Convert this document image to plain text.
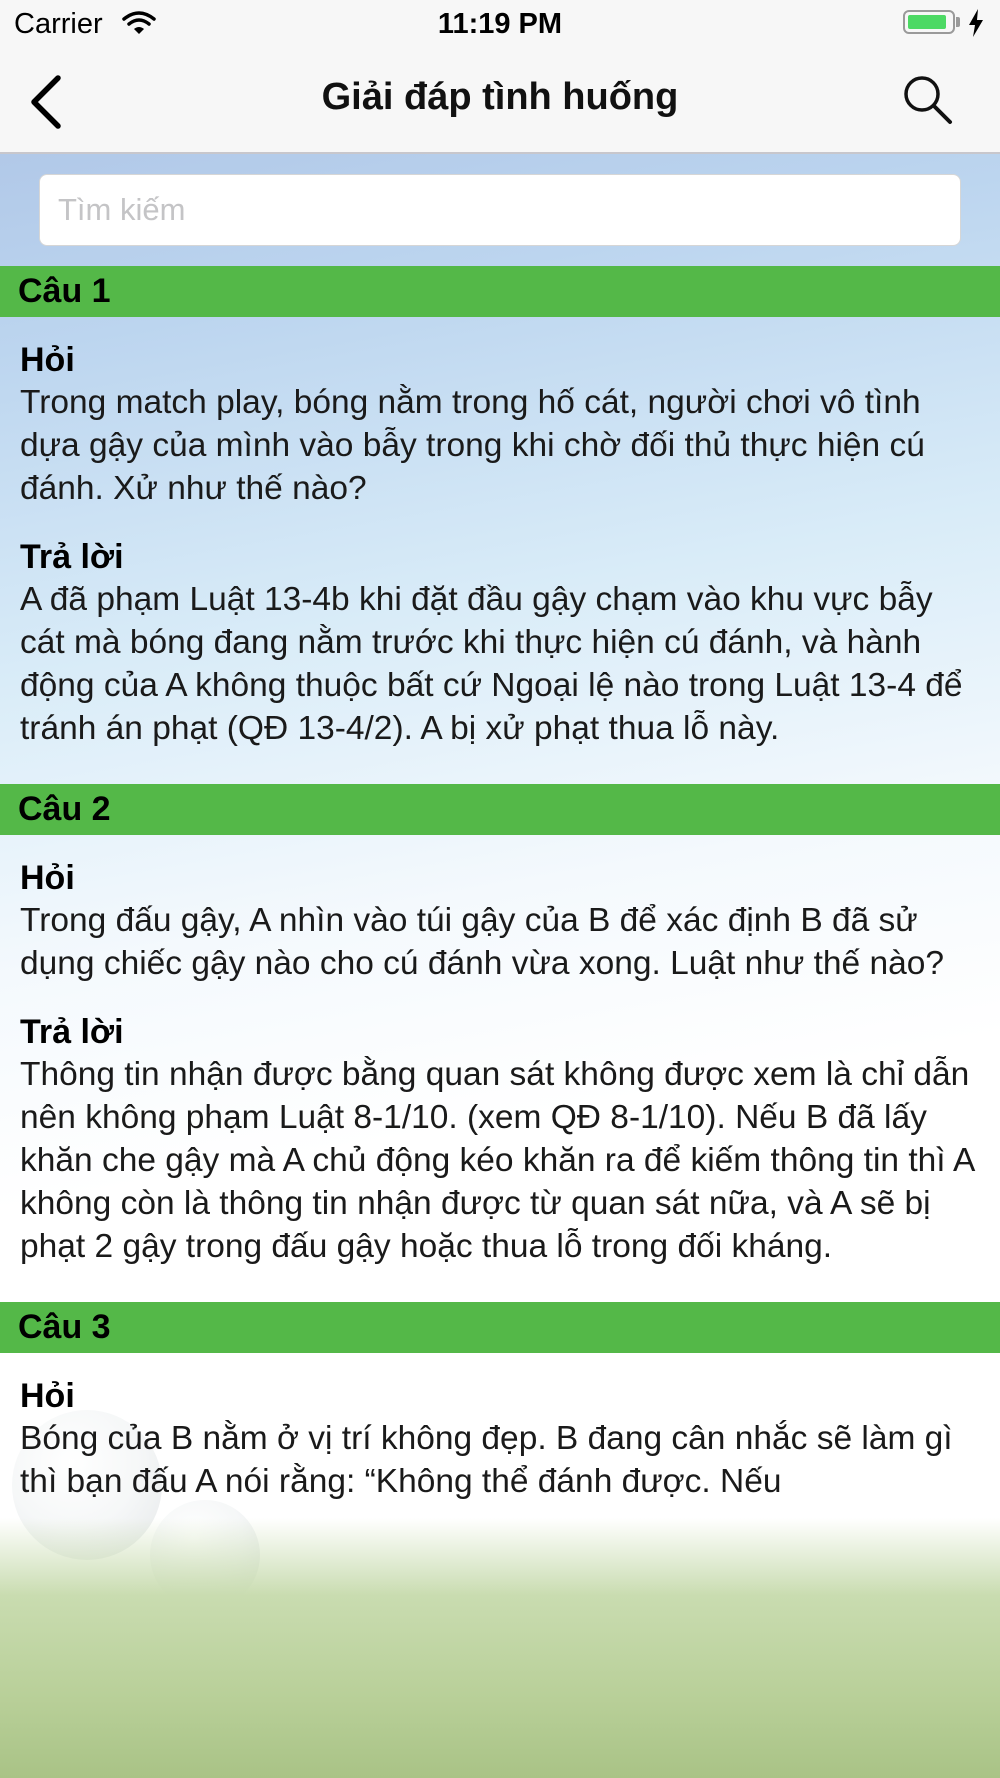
Carrier	11:19 PM
Giải đáp tình huống
Tìm kiếm
Câu 1
Hỏi
Trong match play, bóng nằm trong hố cát, người chơi vô tình dựa gậy của mình vào bẫy trong khi chờ đối thủ thực hiện cú đánh. Xử như thế nào?
Trả lời
A đã phạm Luật 13-4b khi đặt đầu gậy chạm vào khu vực bẫy cát mà bóng đang nằm trước khi thực hiện cú đánh, và hành động của A không thuộc bất cứ Ngoại lệ nào trong Luật 13-4 để tránh án phạt (QĐ 13-4/2). A bị xử phạt thua lỗ này.
Câu 2
Hỏi
Trong đấu gậy, A nhìn vào túi gậy của B để xác định B đã sử dụng chiếc gậy nào cho cú đánh vừa xong. Luật như thế nào?
Trả lời
Thông tin nhận được bằng quan sát không được xem là chỉ dẫn nên không phạm Luật 8-1/10. (xem QĐ 8-1/10). Nếu B đã lấy khăn che gậy mà A chủ động kéo khăn ra để kiếm thông tin thì A không còn là thông tin nhận được từ quan sát nữa, và A sẽ bị phạt 2 gậy trong đấu gậy hoặc thua lỗ trong đối kháng.
Câu 3
Hỏi
Bóng của B nằm ở vị trí không đẹp. B đang cân nhắc sẽ làm gì thì bạn đấu A nói rằng: “Không thể đánh được. Nếu
